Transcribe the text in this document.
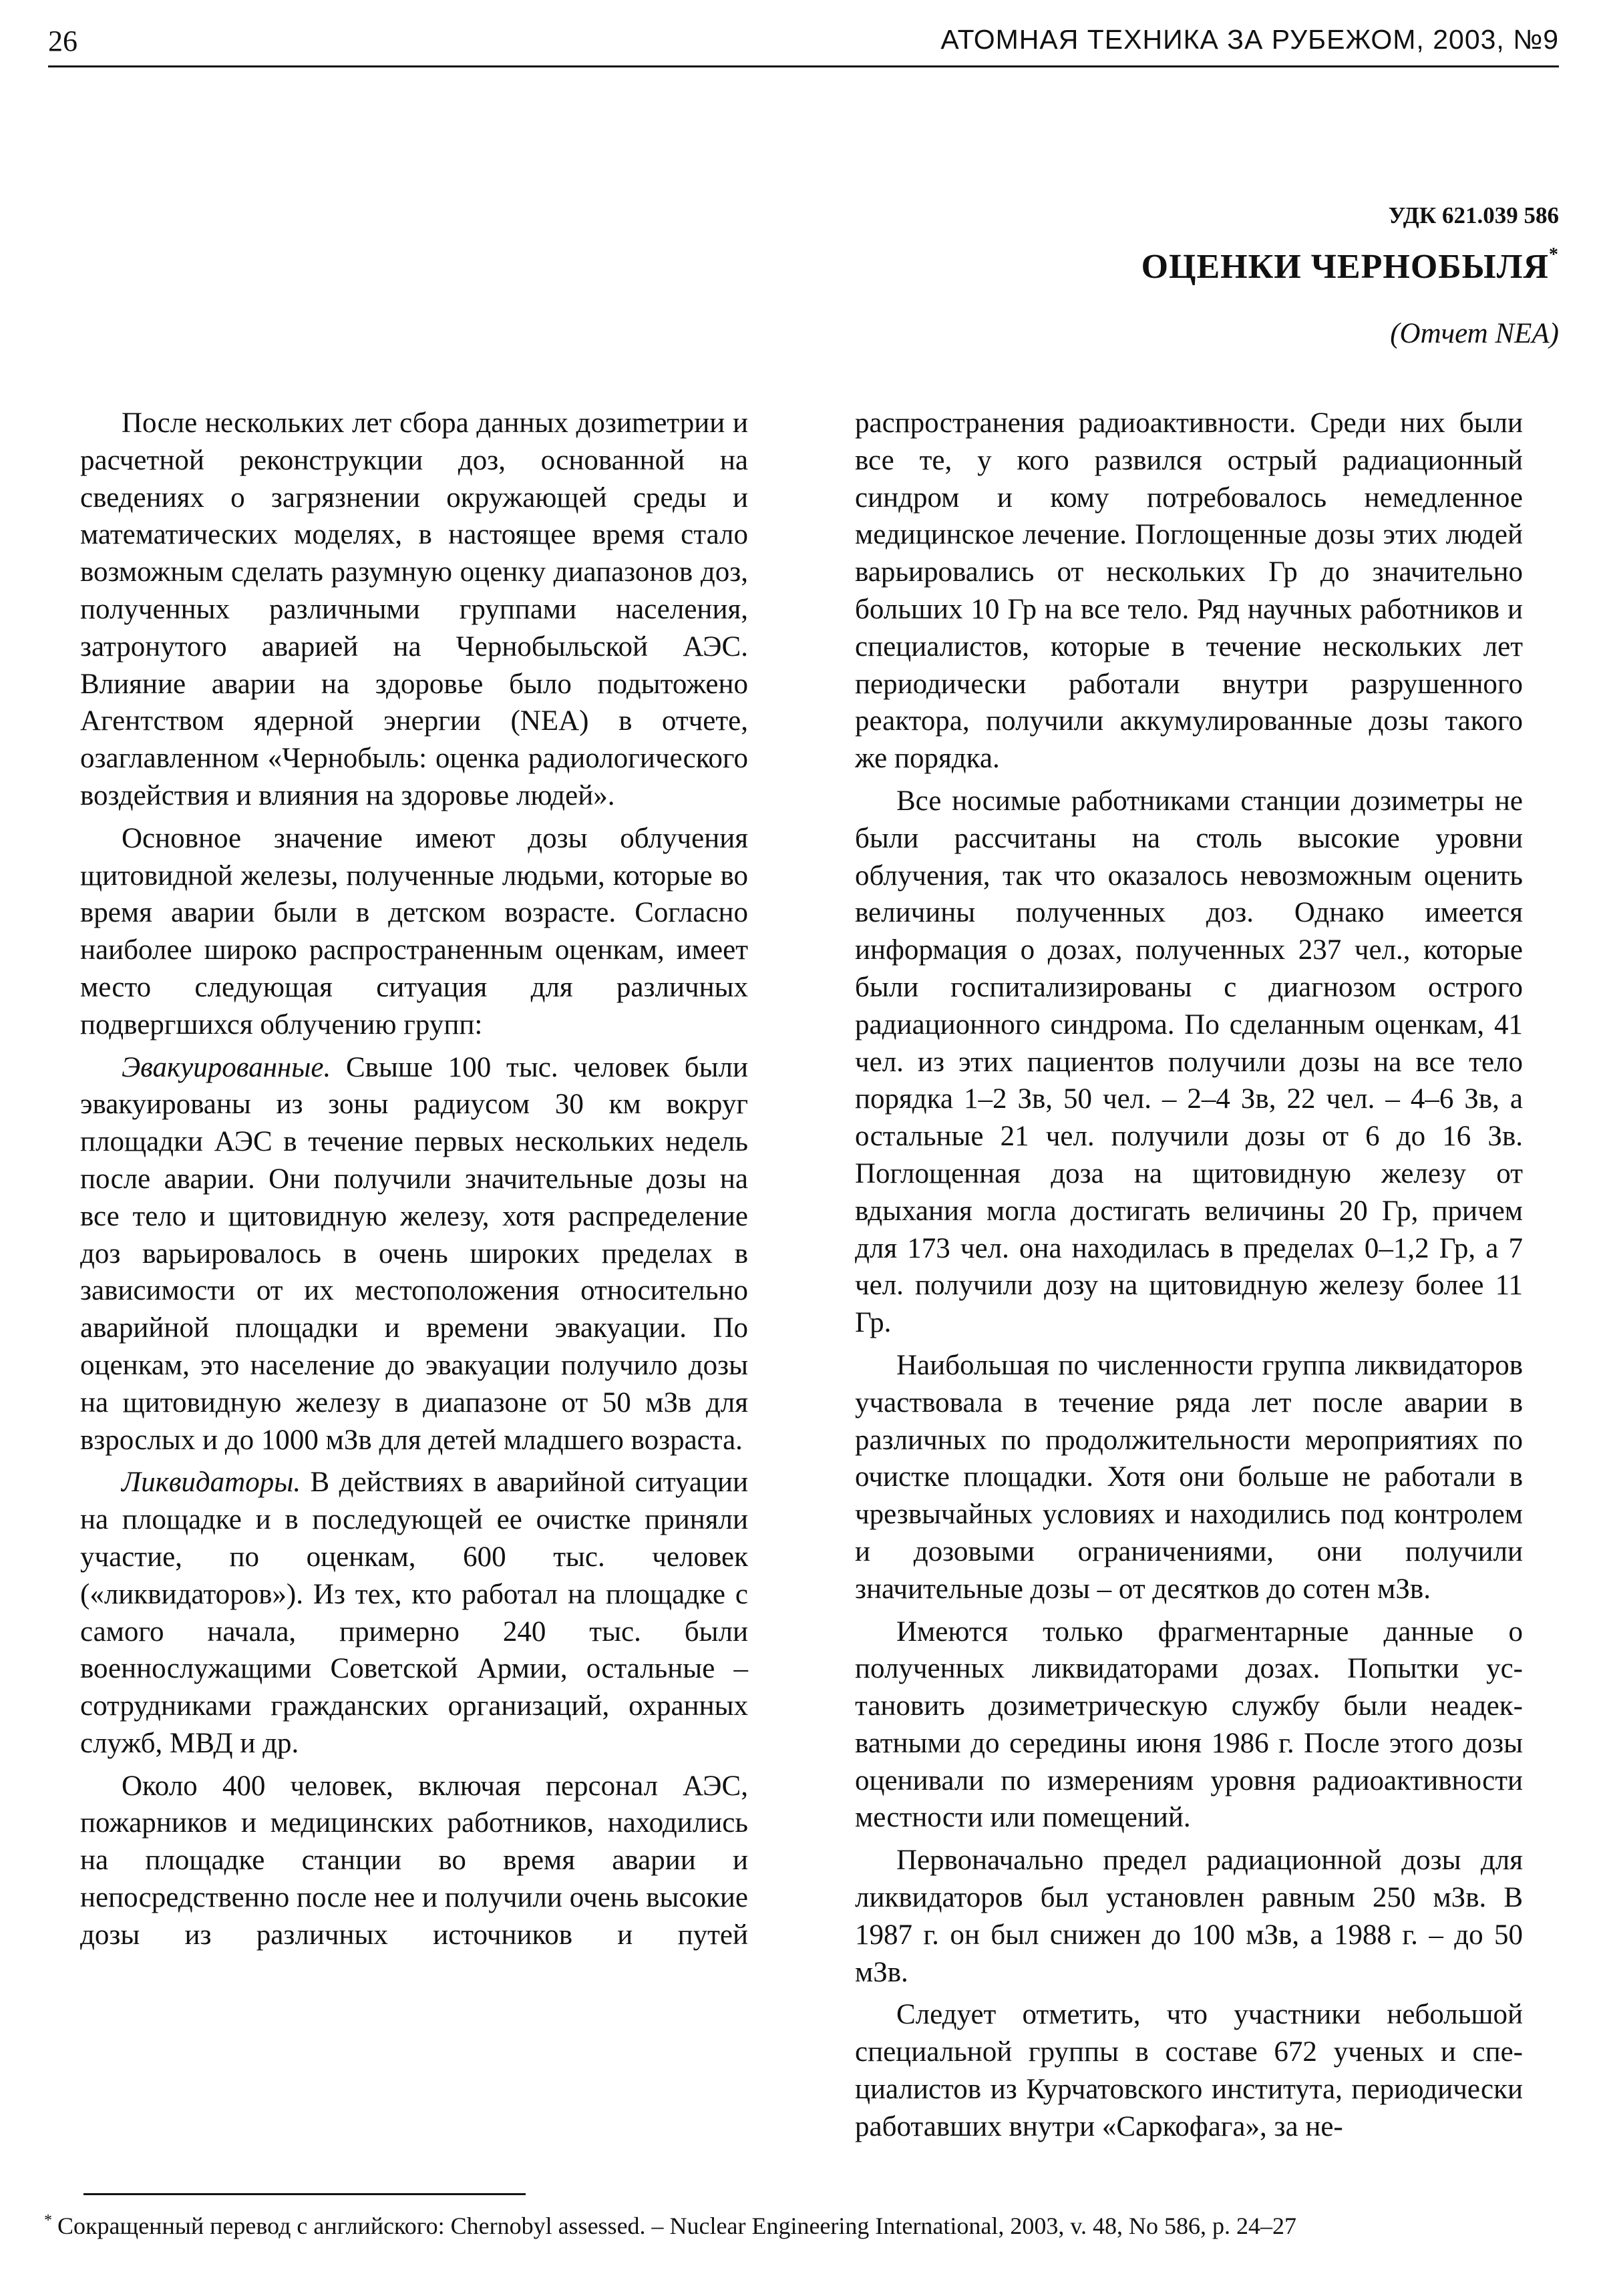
26	АТОМНАЯ ТЕХНИКА ЗА РУБЕЖОМ, 2003, №9
УДК 621.039 586
ОЦЕНКИ ЧЕРНОБЫЛЯ*
(Отчет NEA)

После нескольких лет сбора данных дозиmетрии и расчетной реконструкции доз, основанной на сведениях о загрязнении окружающей среды и математических моделях, в настоящее время стало возможным сделать разумную оценку диапазонов доз, полученных различными группами населения, затронутого аварией на Чернобыльской АЭС. Влияние аварии на здоровье было подытожено Агентством ядерной энергии (NEA) в отчете, озаглавленном «Чернобыль: оценка радиологического воздействия и влияния на здоровье людей».

Основное значение имеют дозы облучения щитовидной железы, полученные людьми, которые во время аварии были в детском возрасте. Согласно наиболее широко распространенным оценкам, имеет место следующая ситуация для различных подвергшихся облучению групп:

Эвакуированные. Свыше 100 тыс. человек были эвакуированы из зоны радиусом 30 км вокруг площадки АЭС в течение первых нескольких недель после аварии. Они получили значительные дозы на все тело и щитовидную железу, хотя распределение доз варьировалось в очень широких пределах в зависимости от их местоположения относительно аварийной площадки и времени эвакуации. По оценкам, это население до эвакуации получило дозы на щитовидную железу в диапазоне от 50 мЗв для взрослых и до 1000 мЗв для детей младшего возраста.

Ликвидаторы. В действиях в аварийной ситуации на площадке и в последующей ее очистке приняли участие, по оценкам, 600 тыс. человек («ликвидаторов»). Из тех, кто работал на площадке с самого начала, примерно 240 тыс. были военнослужащими Советской Армии, остальные – сотрудниками гражданских организаций, охранных служб, МВД и др.

Около 400 человек, включая персонал АЭС, пожарников и медицинских работников, находились на площадке станции во время аварии и непосредственно после нее и получили очень высокие дозы из различных источников и путей

распространения радиоактивности. Среди них были все те, у кого развился острый радиационный синдром и кому потребовалось немедленное медицинское лечение. Поглощенные дозы этих людей варьировались от нескольких Гр до значительно больших 10 Гр на все тело. Ряд научных работников и специалистов, которые в течение нескольких лет периодически работали внутри разрушенного реактора, получили аккумулированные дозы такого же порядка.

Все носимые работниками станции дозиметры не были рассчитаны на столь высокие уровни облучения, так что оказалось невозможным оценить величины полученных доз. Однако имеется информация о дозах, полученных 237 чел., которые были госпитализированы с диагнозом острого радиационного синдрома. По сделанным оценкам, 41 чел. из этих пациентов получили дозы на все тело порядка 1–2 Зв, 50 чел. – 2–4 Зв, 22 чел. – 4–6 Зв, а остальные 21 чел. получили дозы от 6 до 16 Зв. Поглощенная доза на щитовидную железу от вдыхания могла достигать величины 20 Гр, причем для 173 чел. она находилась в пределах 0–1,2 Гр, а 7 чел. получили дозу на щитовидную железу более 11 Гр.

Наибольшая по численности группа ликвидаторов участвовала в течение ряда лет после аварии в различных по продолжительности мероприятиях по очистке площадки. Хотя они больше не работали в чрезвычайных условиях и находились под контролем и дозовыми ограничениями, они получили значительные дозы – от десятков до сотен мЗв.

Имеются только фрагментарные данные о полученных ликвидаторами дозах. Попытки установить дозиметрическую службу были неадекватными до середины июня 1986 г. После этого дозы оценивали по измерениям уровня радиоактивности местности или помещений.

Первоначально предел радиационной дозы для ликвидаторов был установлен равным 250 мЗв. В 1987 г. он был снижен до 100 мЗв, а 1988 г. – до 50 мЗв.

Следует отметить, что участники небольшой специальной группы в составе 672 ученых и специалистов из Курчатовского института, периодически работавших внутри «Саркофага», за не-

* Сокращенный перевод с английского: Chernobyl assessed. – Nuclear Engineering International, 2003, v. 48, No 586, p. 24–27
